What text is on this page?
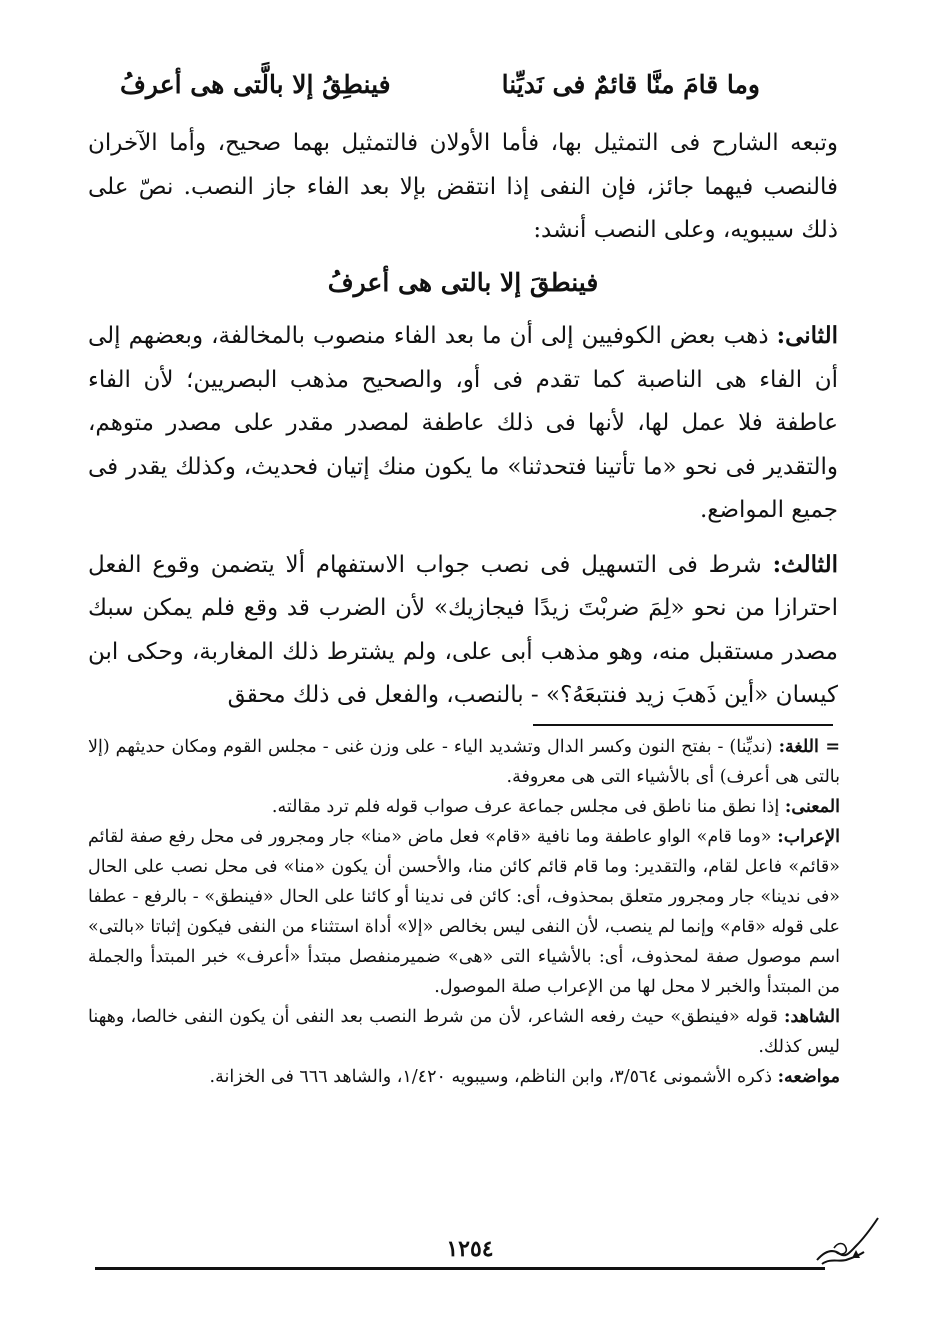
وما قامَ منَّا قائمٌ فى نَديِّنا
فينطِقُ إلا بالَّتى هى أعرفُ

وتبعه الشارح فى التمثيل بها، فأما الأولان فالتمثيل بهما صحيح، وأما الآخران فالنصب فيهما جائز، فإن النفى إذا انتقض بإلا بعد الفاء جاز النصب. نصّ على ذلك سيبويه، وعلى النصب أنشد:

فينطقَ إلا بالتى هى أعرفُ

الثانى: ذهب بعض الكوفيين إلى أن ما بعد الفاء منصوب بالمخالفة، وبعضهم إلى أن الفاء هى الناصبة كما تقدم فى أو، والصحيح مذهب البصريين؛ لأن الفاء عاطفة فلا عمل لها، لأنها فى ذلك عاطفة لمصدر مقدر على مصدر متوهم، والتقدير فى نحو «ما تأتينا فتحدثنا» ما يكون منك إتيان فحديث، وكذلك يقدر فى جميع المواضع.

الثالث: شرط فى التسهيل فى نصب جواب الاستفهام ألا يتضمن وقوع الفعل احترازا من نحو «لِمَ ضربْتَ زيدًا فيجازيك» لأن الضرب قد وقع فلم يمكن سبك مصدر مستقبل منه، وهو مذهب أبى على، ولم يشترط ذلك المغاربة، وحكى ابن كيسان «أين ذَهبَ زيد فنتبعَهُ؟» - بالنصب، والفعل فى ذلك محقق

= اللغة: (نديِّنا) - بفتح النون وكسر الدال وتشديد الياء - على وزن غنى - مجلس القوم ومكان حديثهم (إلا بالتى هى أعرف) أى بالأشياء التى هى معروفة.

المعنى: إذا نطق منا ناطق فى مجلس جماعة عرف صواب قوله فلم ترد مقالته.

الإعراب: «وما قام» الواو عاطفة وما نافية «قام» فعل ماض «منا» جار ومجرور فى محل رفع صفة لقائم «قائم» فاعل لقام، والتقدير: وما قام قائم كائن منا، والأحسن أن يكون «منا» فى محل نصب على الحال «فى ندينا» جار ومجرور متعلق بمحذوف، أى: كائن فى ندينا أو كائنا على الحال «فينطق» - بالرفع - عطفا على قوله «قام» وإنما لم ينصب، لأن النفى ليس بخالص «إلا» أداة استثناء من النفى فيكون إثباتا «بالتى» اسم موصول صفة لمحذوف، أى: بالأشياء التى «هى» ضميرمنفصل مبتدأ «أعرف» خبر المبتدأ والجملة من المبتدأ والخبر لا محل لها من الإعراب صلة الموصول.

الشاهد: قوله «فينطق» حيث رفعه الشاعر، لأن من شرط النصب بعد النفى أن يكون النفى خالصا، وههنا ليس كذلك.

مواضعه: ذكره الأشمونى ٣/٥٦٤، وابن الناظم، وسيبويه ١/٤٢٠، والشاهد ٦٦٦ فى الخزانة.

١٢٥٤
